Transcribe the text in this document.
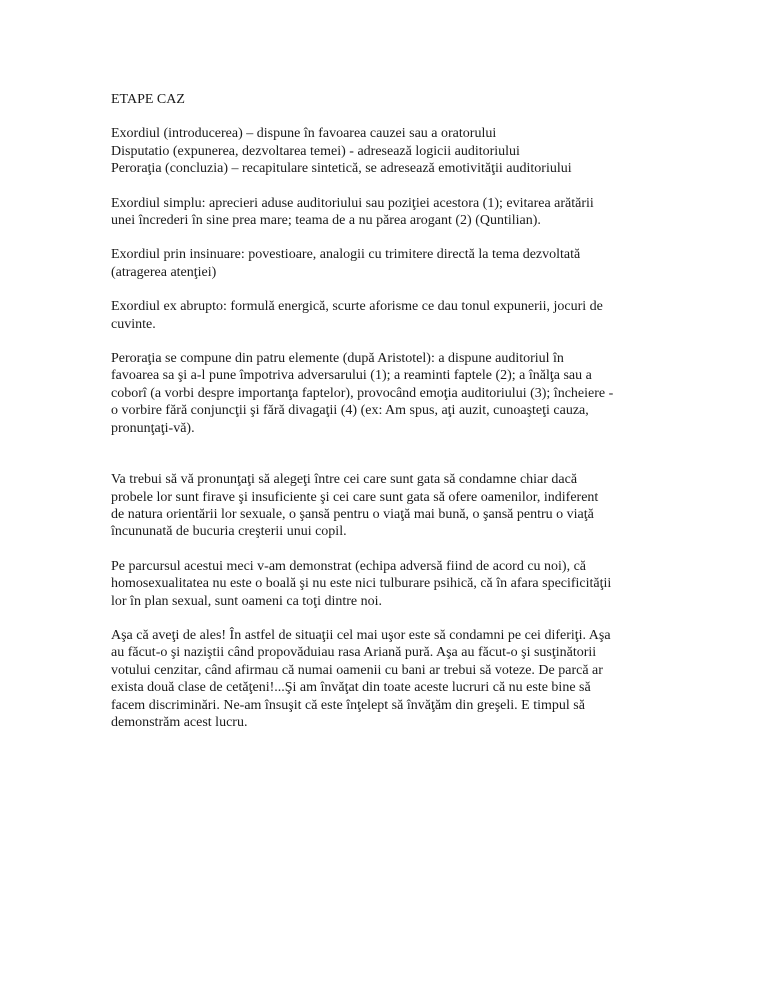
ETAPE CAZ
Exordiul (introducerea) – dispune în favoarea cauzei sau a oratorului
Disputatio (expunerea, dezvoltarea temei) - adresează logicii auditoriului
Peroraţia (concluzia) – recapitulare sintetică, se adresează emotivităţii auditoriului
Exordiul simplu: aprecieri aduse auditoriului sau poziţiei acestora (1); evitarea arătării
unei încrederi în sine prea mare; teama de a nu părea arogant (2) (Quntilian).
Exordiul prin insinuare: povestioare, analogii cu trimitere directă la tema dezvoltată
(atragerea atenţiei)
Exordiul ex abrupto: formulă energică, scurte aforisme ce dau tonul expunerii, jocuri de
cuvinte.
Peroraţia se compune din patru elemente (după Aristotel): a dispune auditoriul în
favoarea sa şi a-l pune împotriva adversarului (1); a reaminti faptele (2); a înălţa sau a
coborî (a vorbi despre importanţa faptelor), provocând emoţia auditoriului (3); încheiere -
o vorbire fără conjuncţii şi fără divagaţii (4) (ex: Am spus, aţi auzit, cunoaşteţi cauza,
pronunţaţi-vă).
Va trebui să vă pronunţaţi să alegeţi între cei care sunt gata să condamne chiar dacă
probele lor sunt firave şi insuficiente şi cei care sunt gata să ofere oamenilor, indiferent
de natura orientării lor sexuale, o şansă pentru o viaţă mai bună, o şansă pentru o viaţă
încununată de bucuria creşterii unui copil.
Pe parcursul acestui meci v-am demonstrat (echipa adversă fiind de acord cu noi), că
homosexualitatea nu este o boală şi nu este nici tulburare psihică, că în afara specificităţii
lor în plan sexual, sunt oameni ca toţi dintre noi.
Aşa că aveţi de ales! În astfel de situaţii cel mai uşor este să condamni pe cei diferiţi. Aşa
au făcut-o şi naziştii când propovăduiau rasa Ariană pură. Aşa au făcut-o şi susţinătorii
votului cenzitar, când afirmau că numai oamenii cu bani ar trebui să voteze. De parcă ar
exista două clase de cetăţeni!...Şi am învăţat din toate aceste lucruri că nu este bine să
facem discriminări. Ne-am însuşit că este înţelept să învăţăm din greşeli. E timpul să
demonstrăm acest lucru.
